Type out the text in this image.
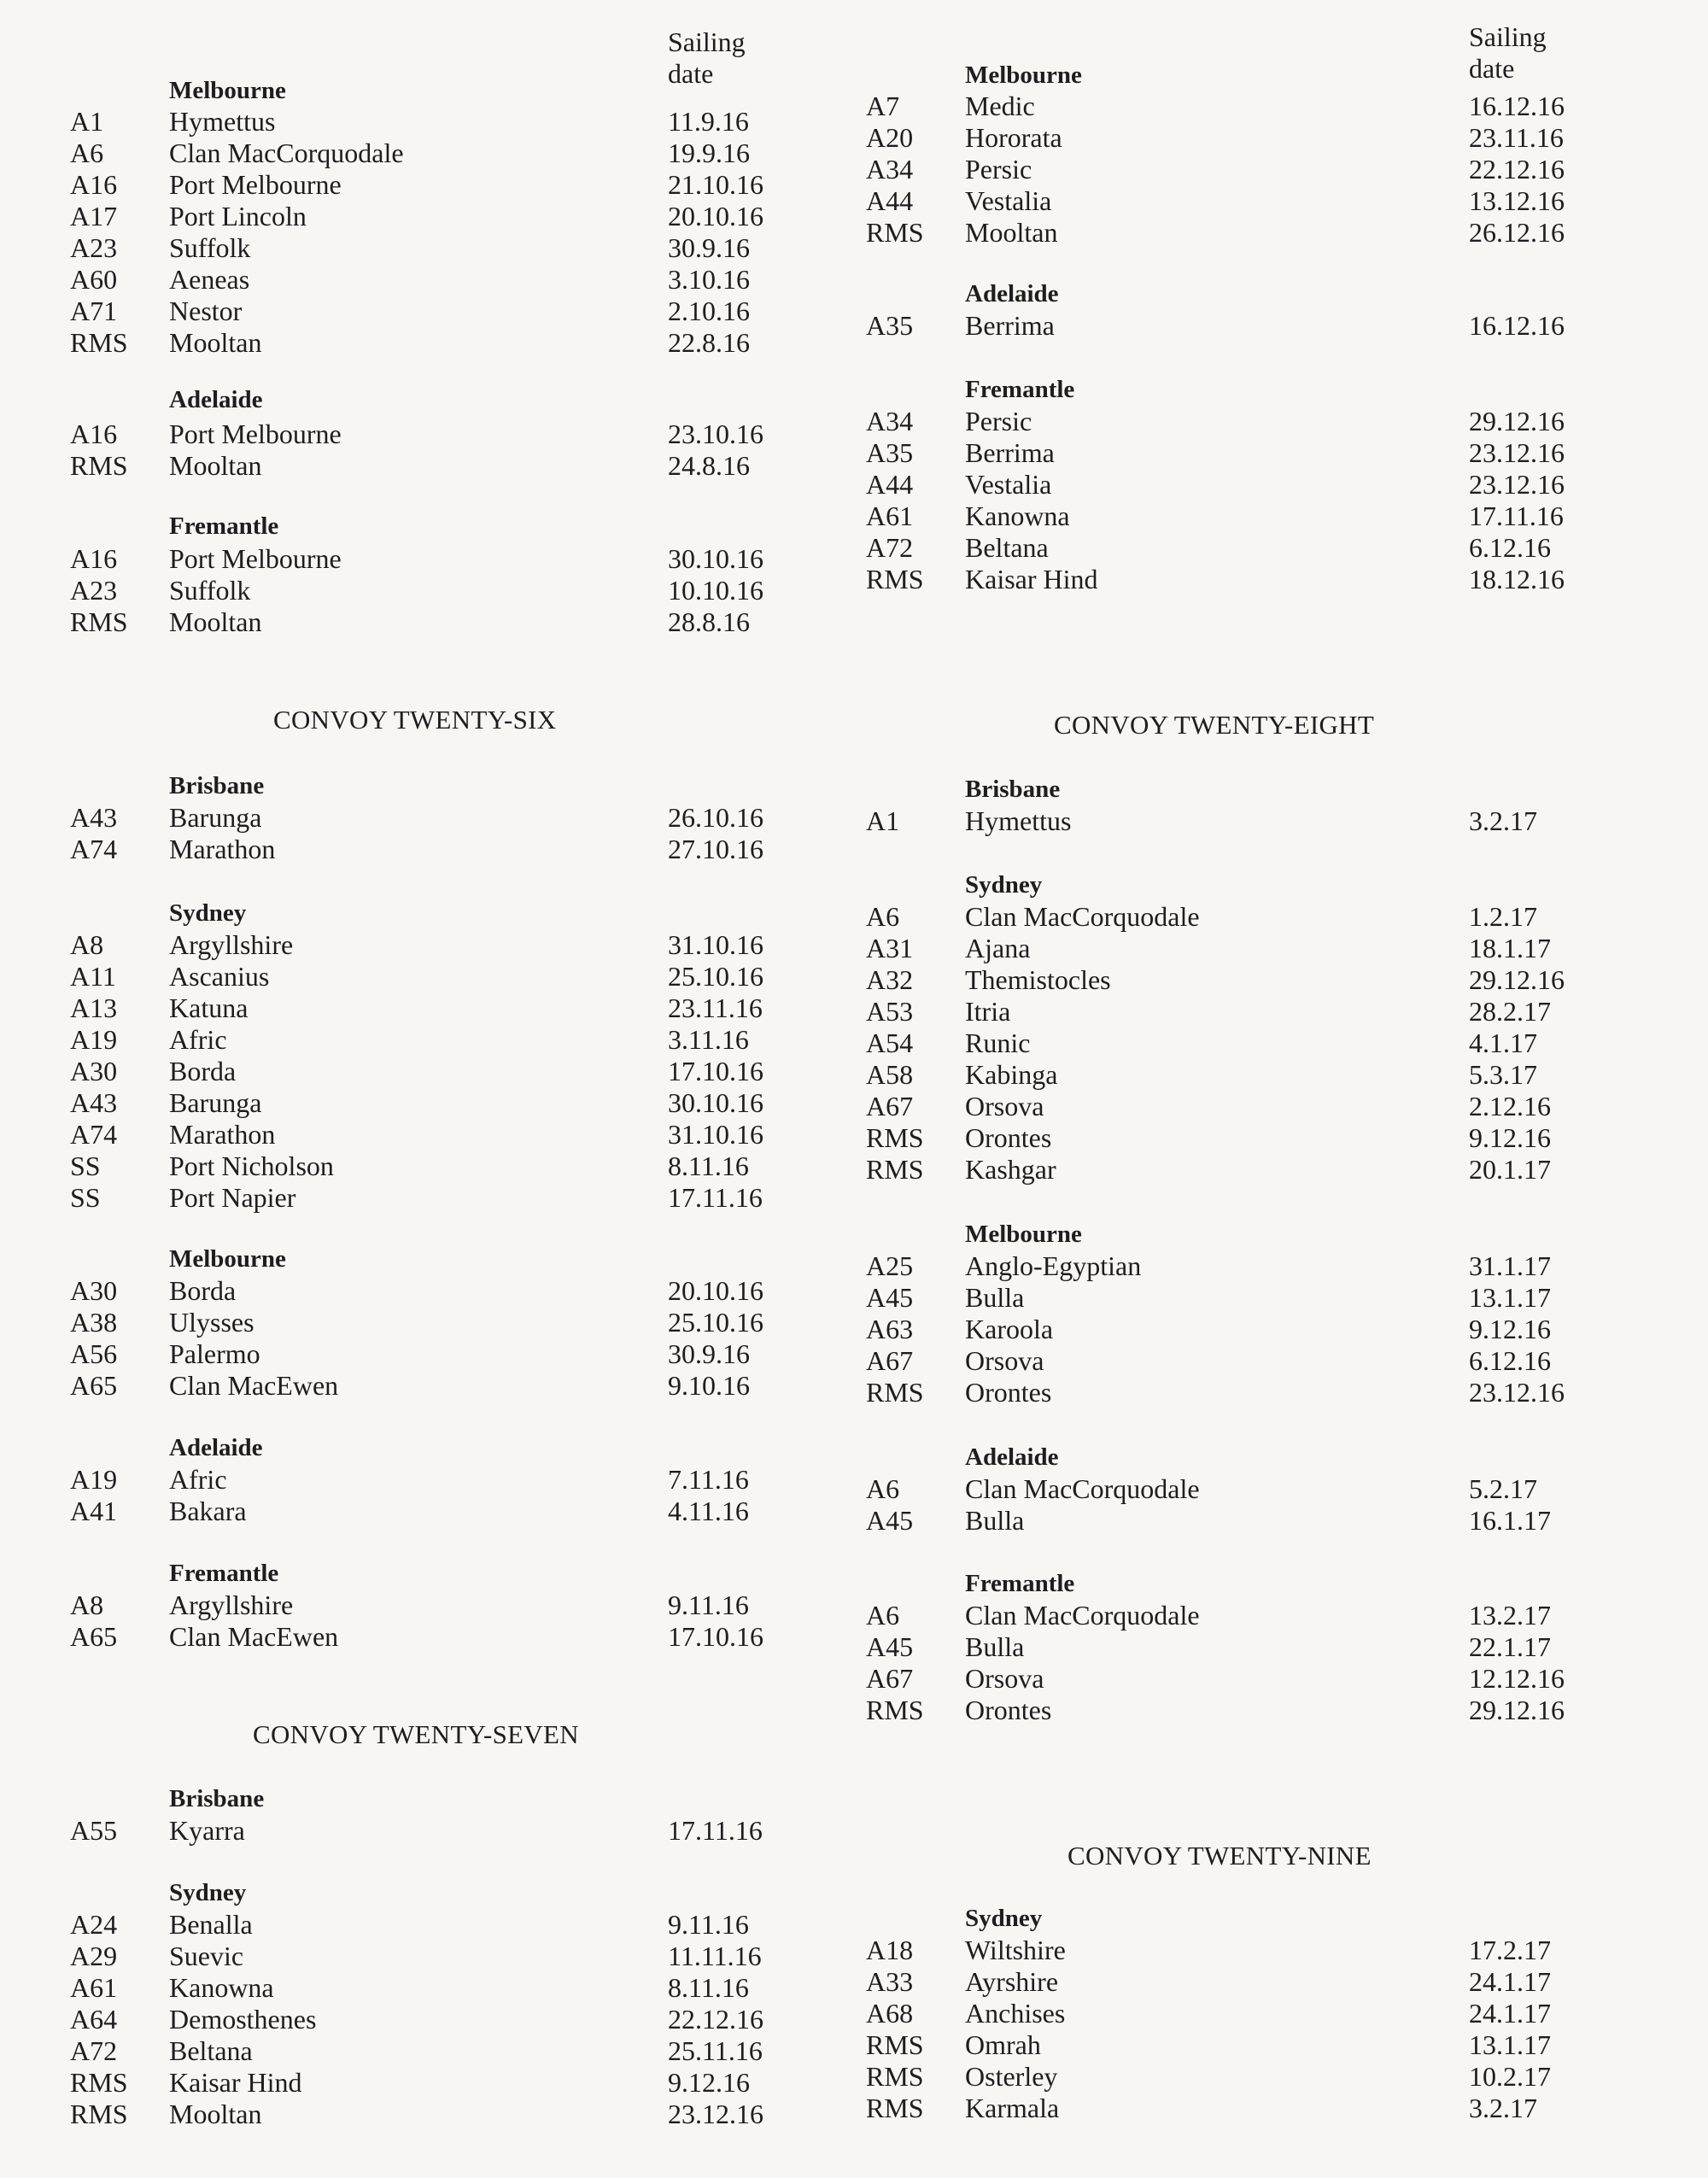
Sailing
date
Melbourne
A1	Hymettus	11.9.16
A6	Clan MacCorquodale	19.9.16
A16	Port Melbourne	21.10.16
A17	Port Lincoln	20.10.16
A23	Suffolk	30.9.16
A60	Aeneas	3.10.16
A71	Nestor	2.10.16
RMS	Mooltan	22.8.16
Adelaide
A16	Port Melbourne	23.10.16
RMS	Mooltan	24.8.16
Fremantle
A16	Port Melbourne	30.10.16
A23	Suffolk	10.10.16
RMS	Mooltan	28.8.16
CONVOY TWENTY-SIX
Brisbane
A43	Barunga	26.10.16
A74	Marathon	27.10.16
Sydney
A8	Argyllshire	31.10.16
A11	Ascanius	25.10.16
A13	Katuna	23.11.16
A19	Afric	3.11.16
A30	Borda	17.10.16
A43	Barunga	30.10.16
A74	Marathon	31.10.16
SS	Port Nicholson	8.11.16
SS	Port Napier	17.11.16
Melbourne
A30	Borda	20.10.16
A38	Ulysses	25.10.16
A56	Palermo	30.9.16
A65	Clan MacEwen	9.10.16
Adelaide
A19	Afric	7.11.16
A41	Bakara	4.11.16
Fremantle
A8	Argyllshire	9.11.16
A65	Clan MacEwen	17.10.16
CONVOY TWENTY-SEVEN
Brisbane
A55	Kyarra	17.11.16
Sydney
A24	Benalla	9.11.16
A29	Suevic	11.11.16
A61	Kanowna	8.11.16
A64	Demosthenes	22.12.16
A72	Beltana	25.11.16
RMS	Kaisar Hind	9.12.16
RMS	Mooltan	23.12.16
Sailing
date
Melbourne
A7	Medic	16.12.16
A20	Hororata	23.11.16
A34	Persic	22.12.16
A44	Vestalia	13.12.16
RMS	Mooltan	26.12.16
Adelaide
A35	Berrima	16.12.16
Fremantle
A34	Persic	29.12.16
A35	Berrima	23.12.16
A44	Vestalia	23.12.16
A61	Kanowna	17.11.16
A72	Beltana	6.12.16
RMS	Kaisar Hind	18.12.16
CONVOY TWENTY-EIGHT
Brisbane
A1	Hymettus	3.2.17
Sydney
A6	Clan MacCorquodale	1.2.17
A31	Ajana	18.1.17
A32	Themistocles	29.12.16
A53	Itria	28.2.17
A54	Runic	4.1.17
A58	Kabinga	5.3.17
A67	Orsova	2.12.16
RMS	Orontes	9.12.16
RMS	Kashgar	20.1.17
Melbourne
A25	Anglo-Egyptian	31.1.17
A45	Bulla	13.1.17
A63	Karoola	9.12.16
A67	Orsova	6.12.16
RMS	Orontes	23.12.16
Adelaide
A6	Clan MacCorquodale	5.2.17
A45	Bulla	16.1.17
Fremantle
A6	Clan MacCorquodale	13.2.17
A45	Bulla	22.1.17
A67	Orsova	12.12.16
RMS	Orontes	29.12.16
CONVOY TWENTY-NINE
Sydney
A18	Wiltshire	17.2.17
A33	Ayrshire	24.1.17
A68	Anchises	24.1.17
RMS	Omrah	13.1.17
RMS	Osterley	10.2.17
RMS	Karmala	3.2.17
